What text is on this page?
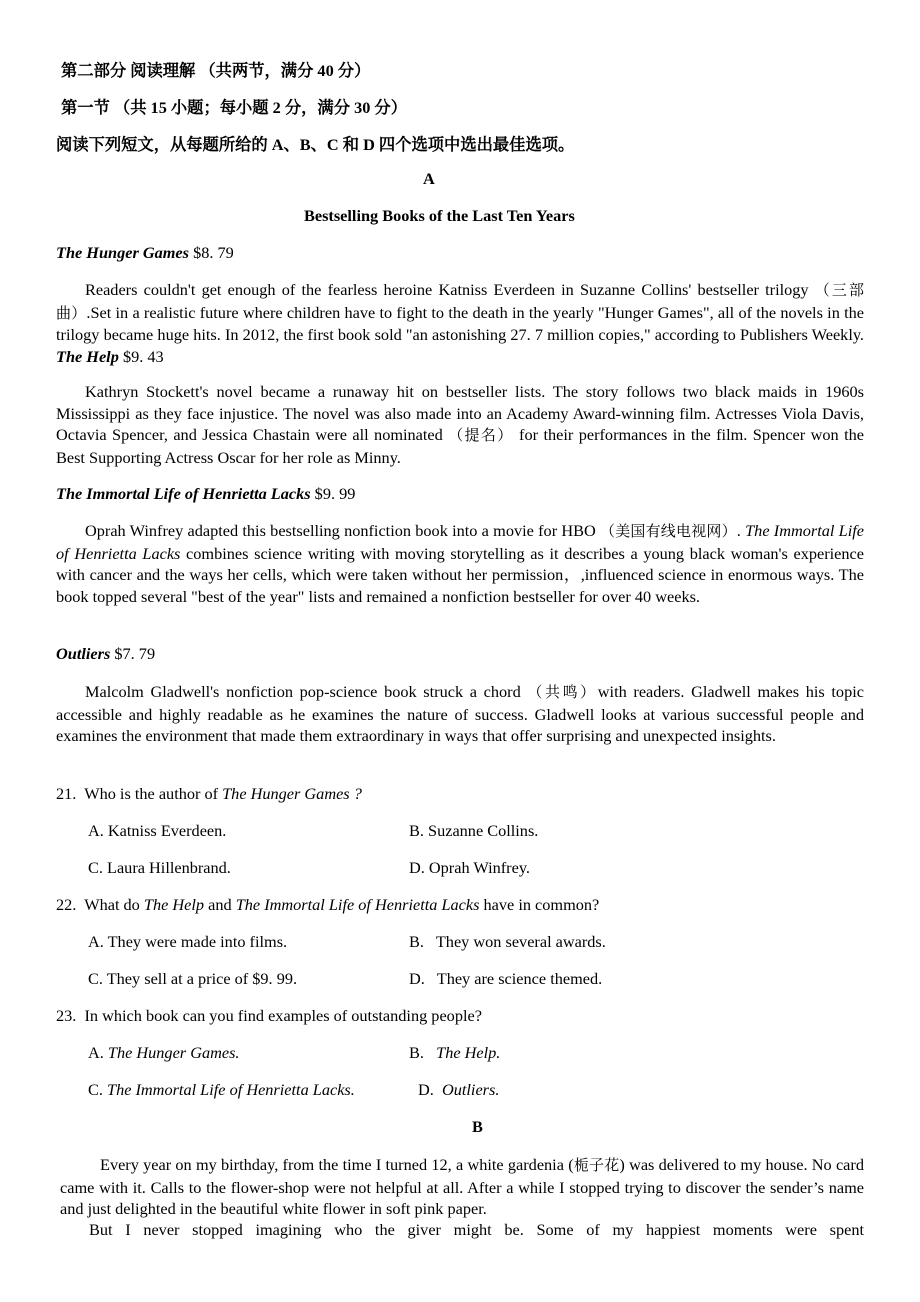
第二部分 阅读理解 （共两节，满分 40 分）
第一节 （共 15 小题；每小题 2 分，满分 30 分）
阅读下列短文，从每题所给的 A、B、C 和 D 四个选项中选出最佳选项。
A
Bestselling Books of the Last Ten Years
The Hunger Games $8. 79
Readers couldn't get enough of the fearless heroine Katniss Everdeen in Suzanne Collins' bestseller trilogy （三部曲）.Set in a realistic future where children have to fight to the death in the yearly "Hunger Games", all of the novels in the trilogy became huge hits. In 2012, the first book sold "an astonishing 27. 7 million copies," according to Publishers Weekly. The Help $9. 43
Kathryn Stockett's novel became a runaway hit on bestseller lists. The story follows two black maids in 1960s Mississippi as they face injustice. The novel was also made into an Academy Award-winning film. Actresses Viola Davis, Octavia Spencer, and Jessica Chastain were all nominated （提名） for their performances in the film. Spencer won the Best Supporting Actress Oscar for her role as Minny.
The Immortal Life of Henrietta Lacks $9. 99
Oprah Winfrey adapted this bestselling nonfiction book into a movie for HBO （美国有线电视网）. The Immortal Life of Henrietta Lacks combines science writing with moving storytelling as it describes a young black woman's experience with cancer and the ways her cells, which were taken without her permission，,influenced science in enormous ways. The book topped several "best of the year" lists and remained a nonfiction bestseller for over 40 weeks.
Outliers $7. 79
Malcolm Gladwell's nonfiction pop-science book struck a chord （共鸣）with readers. Gladwell makes his topic accessible and highly readable as he examines the nature of success. Gladwell looks at various successful people and examines the environment that made them extraordinary in ways that offer surprising and unexpected insights.
21. Who is the author of The Hunger Games ?
A. Katniss Everdeen.	B. Suzanne Collins.
C. Laura Hillenbrand.	D. Oprah Winfrey.
22. What do The Help and The Immortal Life of Henrietta Lacks have in common?
A. They were made into films.	B.   They won several awards.
C. They sell at a price of $9. 99.	D.   They are science themed.
23. In which book can you find examples of outstanding people?
A. The Hunger Games.	B.   The Help.
C. The Immortal Life of Henrietta Lacks.	D.  Outliers.
B
Every year on my birthday, from the time I turned 12, a white gardenia (栀子花) was delivered to my house. No card came with it. Calls to the flower-shop were not helpful at all. After a while I stopped trying to discover the sender’s name and just delighted in the beautiful white flower in soft pink paper.
But I never stopped imagining who the giver might be. Some of my happiest moments were spent
